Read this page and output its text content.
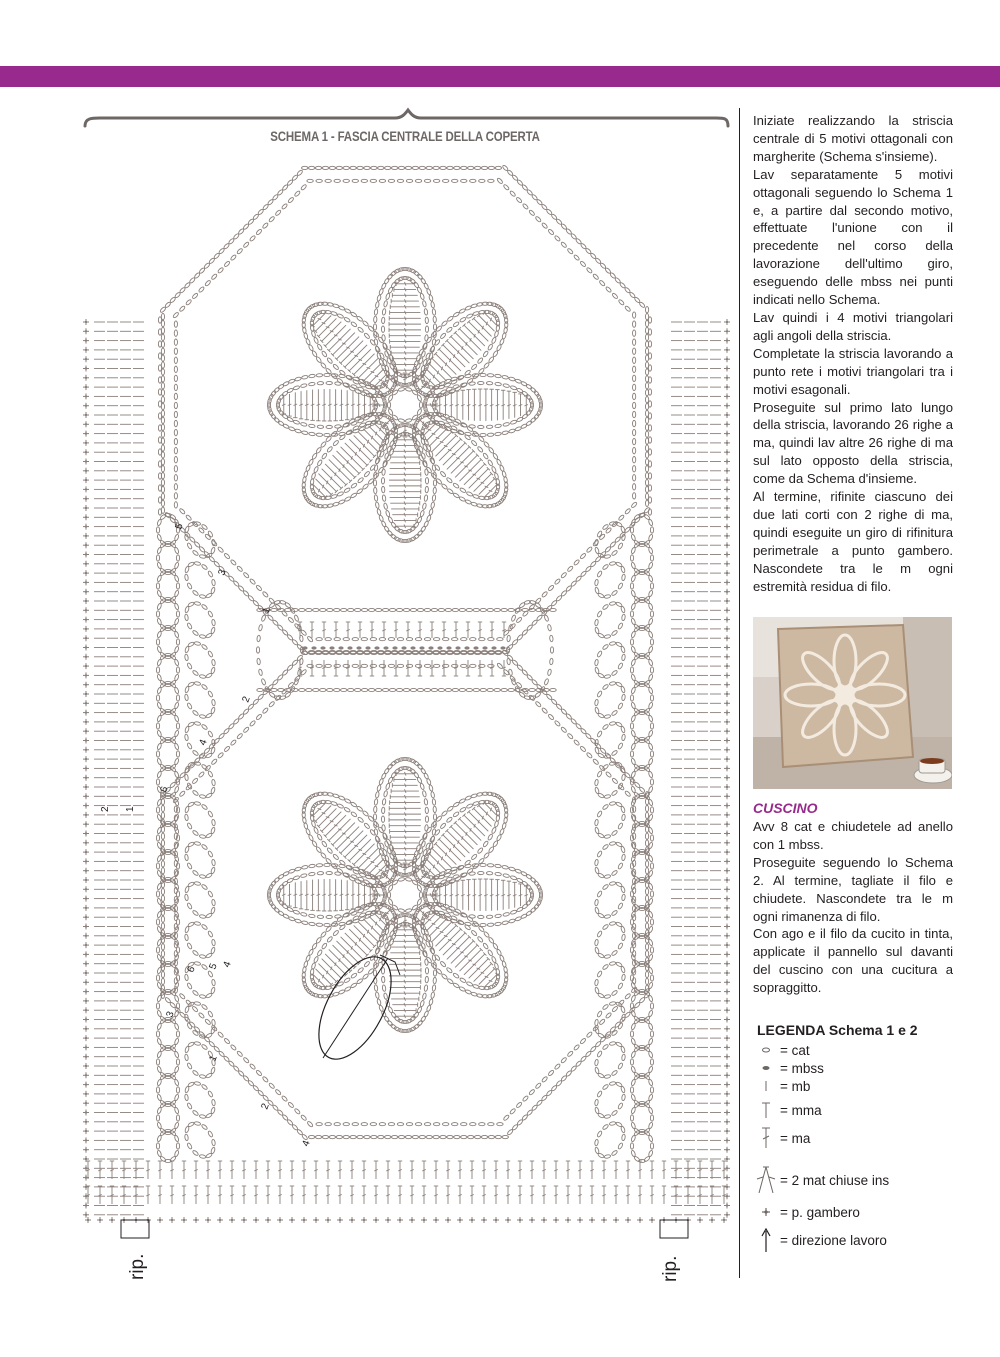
5
3
1
2
4
6
6 5 4
3
1
2
4
2 1
SCHEMA 1 - FASCIA CENTRALE DELLA COPERTA
rip.	rip.

Iniziate realizzando la striscia centrale di 5 motivi ottagonali con margherite (Schema s'insieme).

Lav separatamente 5 motivi ottagonali seguendo lo Schema 1 e, a partire dal secondo motivo, effettuate l'unione con il precedente nel corso della lavorazione dell'ultimo giro, eseguendo delle mbss nei punti indicati nello Schema.

Lav quindi i 4 motivi triangolari agli angoli della striscia.

Completate la striscia lavorando a punto rete i motivi triangolari tra i motivi esagonali.

Proseguite sul primo lato lungo della striscia, lavorando 26 righe a ma, quindi lav altre 26 righe di ma sul lato opposto della striscia, come da Schema d'insieme.

Al termine, rifinite ciascuno dei due lati corti con 2 righe di ma, quindi eseguite un giro di rifinitura perimetrale a punto gambero. Nascondete tra le m ogni estremità residua di filo.

CUSCINO

Avv 8 cat e chiudetele ad anello con 1 mbss.

Proseguite seguendo lo Schema 2. Al termine, tagliate il filo e chiudete. Nascondete tra le m ogni rimanenza di filo.

Con ago e il filo da cucito in tinta, applicate il pannello sul davanti del cuscino con una cucitura a sopraggitto.

LEGENDA Schema 1 e 2
= cat
= mbss
= mb
= mma
= ma
= 2 mat chiuse ins
= p. gambero
= direzione lavoro
